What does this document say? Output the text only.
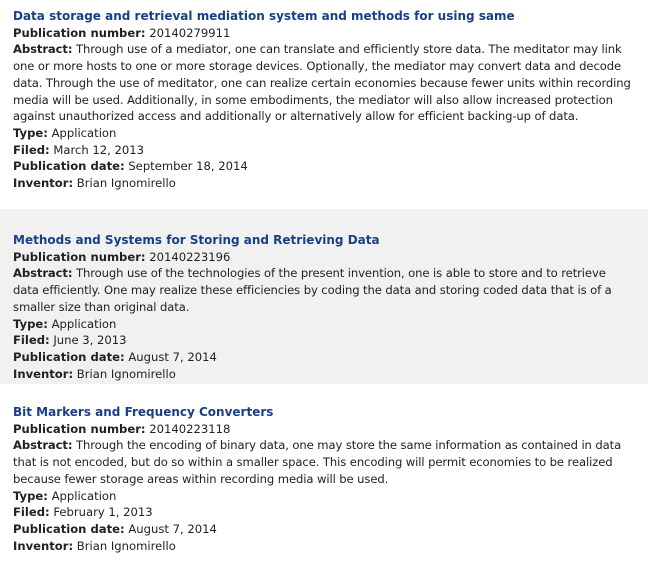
Data storage and retrieval mediation system and methods for using same

Publication number: 20140279911

Abstract: Through use of a mediator, one can translate and efficiently store data. The meditator may link one or more hosts to one or more storage devices. Optionally, the mediator may convert data and decode data. Through the use of meditator, one can realize certain economies because fewer units within recording media will be used. Additionally, in some embodiments, the mediator will also allow increased protection against unauthorized access and additionally or alternatively allow for efficient backing-up of data.

Type: Application

Filed: March 12, 2013

Publication date: September 18, 2014

Inventor: Brian Ignomirello

Methods and Systems for Storing and Retrieving Data

Publication number: 20140223196

Abstract: Through use of the technologies of the present invention, one is able to store and to retrieve data efficiently. One may realize these efficiencies by coding the data and storing coded data that is of a smaller size than original data.

Type: Application

Filed: June 3, 2013

Publication date: August 7, 2014

Inventor: Brian Ignomirello

Bit Markers and Frequency Converters

Publication number: 20140223118

Abstract: Through the encoding of binary data, one may store the same information as contained in data that is not encoded, but do so within a smaller space. This encoding will permit economies to be realized because fewer storage areas within recording media will be used.

Type: Application

Filed: February 1, 2013

Publication date: August 7, 2014

Inventor: Brian Ignomirello
